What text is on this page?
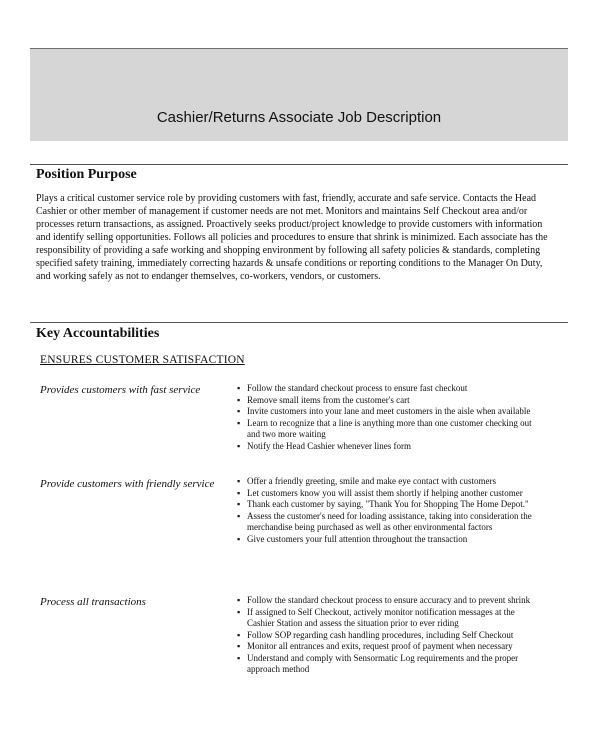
Cashier/Returns Associate Job Description
Position Purpose

Plays a critical customer service role by providing customers with fast, friendly, accurate and safe service. Contacts the Head Cashier or other member of management if customer needs are not met. Monitors and maintains Self Checkout area and/or processes return transactions, as assigned. Proactively seeks product/project knowledge to provide customers with information and identify selling opportunities. Follows all policies and procedures to ensure that shrink is minimized. Each associate has the responsibility of providing a safe working and shopping environment by following all safety policies & standards, completing specified safety training, immediately correcting hazards & unsafe conditions or reporting conditions to the Manager On Duty, and working safely as not to endanger themselves, co-workers, vendors, or customers.

Key Accountabilities
ENSURES CUSTOMER SATISFACTION
Provides customers with fast service	▪ Follow the standard checkout process to ensure fast checkout
▪ Remove small items from the customer's cart
▪ Invite customers into your lane and meet customers in the aisle when available
▪ Learn to recognize that a line is anything more than one customer checking out and two more waiting
▪ Notify the Head Cashier whenever lines form
Provide customers with friendly service	▪ Offer a friendly greeting, smile and make eye contact with customers
▪ Let customers know you will assist them shortly if helping another customer
▪ Thank each customer by saying, "Thank You for Shopping The Home Depot."
▪ Assess the customer's need for loading assistance, taking into consideration the merchandise being purchased as well as other environmental factors
▪ Give customers your full attention throughout the transaction
Process all transactions	▪ Follow the standard checkout process to ensure accuracy and to prevent shrink
▪ If assigned to Self Checkout, actively monitor notification messages at the Cashier Station and assess the situation prior to ever riding
▪ Follow SOP regarding cash handling procedures, including Self Checkout
▪ Monitor all entrances and exits, request proof of payment when necessary
▪ Understand and comply with Sensormatic Log requirements and the proper approach method
